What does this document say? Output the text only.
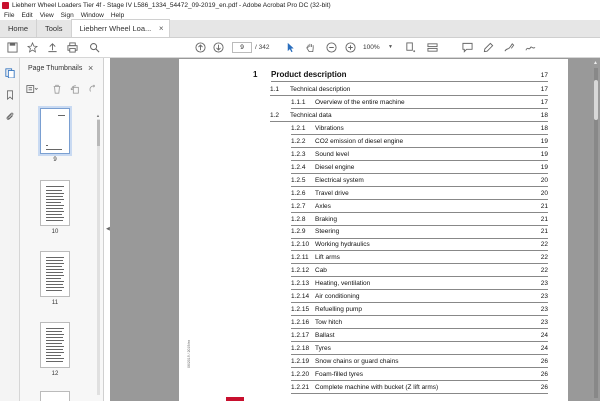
Liebherr Wheel Loaders Tier 4f - Stage IV L586_1334_54472_09-2019_en.pdf - Adobe Acrobat Pro DC (32-bit)
File Edit View Sign Window Help
Home	Tools	Liebherr Wheel Loa... ×
9	/ 342	100%	▼
Page Thumbnails ×
9
10
11
12
▲
◀
1 Product description	17
1.1 Technical description	17
1.1.1 Overview of the entire machine	17
1.2 Technical data	18
1.2.1 Vibrations	18
1.2.2 CO2 emission of diesel engine	19
1.2.3 Sound level	19
1.2.4 Diesel engine	19
1.2.5 Electrical system	20
1.2.6 Travel drive	20
1.2.7 Axles	21
1.2.8 Braking	21
1.2.9 Steering	21
1.2.10 Working hydraulics	22
1.2.11 Lift arms	22
1.2.12 Cab	22
1.2.13 Heating, ventilation	23
1.2.14 Air conditioning	23
1.2.15 Refuelling pump	23
1.2.16 Tow hitch	23
1.2.17 Ballast	24
1.2.18 Tyres	24
1.2.19 Snow chains or guard chains	26
1.2.20 Foam-filled tyres	26
1.2.21 Complete machine with bucket (Z lift arms)	26
06/2019 / 2019/en
▲
